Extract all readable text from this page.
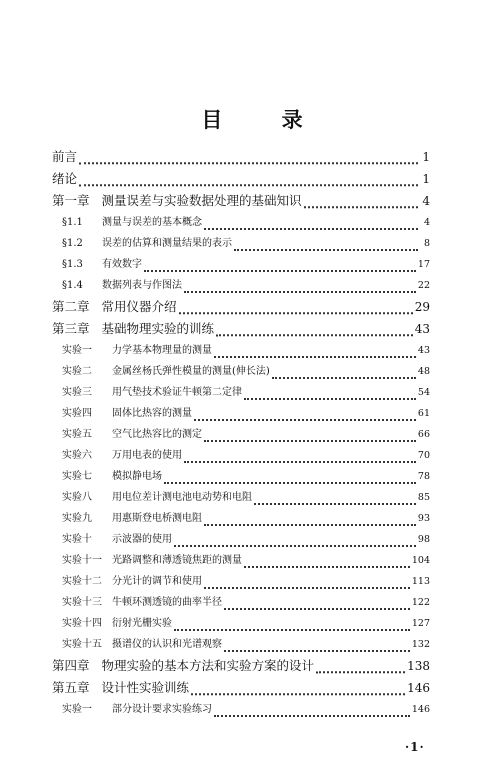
目 录
前言	1
绪论	1
第一章 测量误差与实验数据处理的基础知识	4
§1.1 测量与误差的基本概念	4
§1.2 误差的估算和测量结果的表示	8
§1.3 有效数字	17
§1.4 数据列表与作图法	22
第二章 常用仪器介绍	29
第三章 基础物理实验的训练	43
实验一 力学基本物理量的测量	43
实验二 金属丝杨氏弹性模量的测量(伸长法)	48
实验三 用气垫技术验证牛顿第二定律	54
实验四 固体比热容的测量	61
实验五 空气比热容比的测定	66
实验六 万用电表的使用	70
实验七 模拟静电场	78
实验八 用电位差计测电池电动势和电阻	85
实验九 用惠斯登电桥测电阻	93
实验十 示波器的使用	98
实验十一 光路调整和薄透镜焦距的测量	104
实验十二 分光计的调节和使用	113
实验十三 牛顿环测透镜的曲率半径	122
实验十四 衍射光栅实验	127
实验十五 摄谱仪的认识和光谱观察	132
第四章 物理实验的基本方法和实验方案的设计	138
第五章 设计性实验训练	146
实验一 部分设计要求实验练习	146
·1·
